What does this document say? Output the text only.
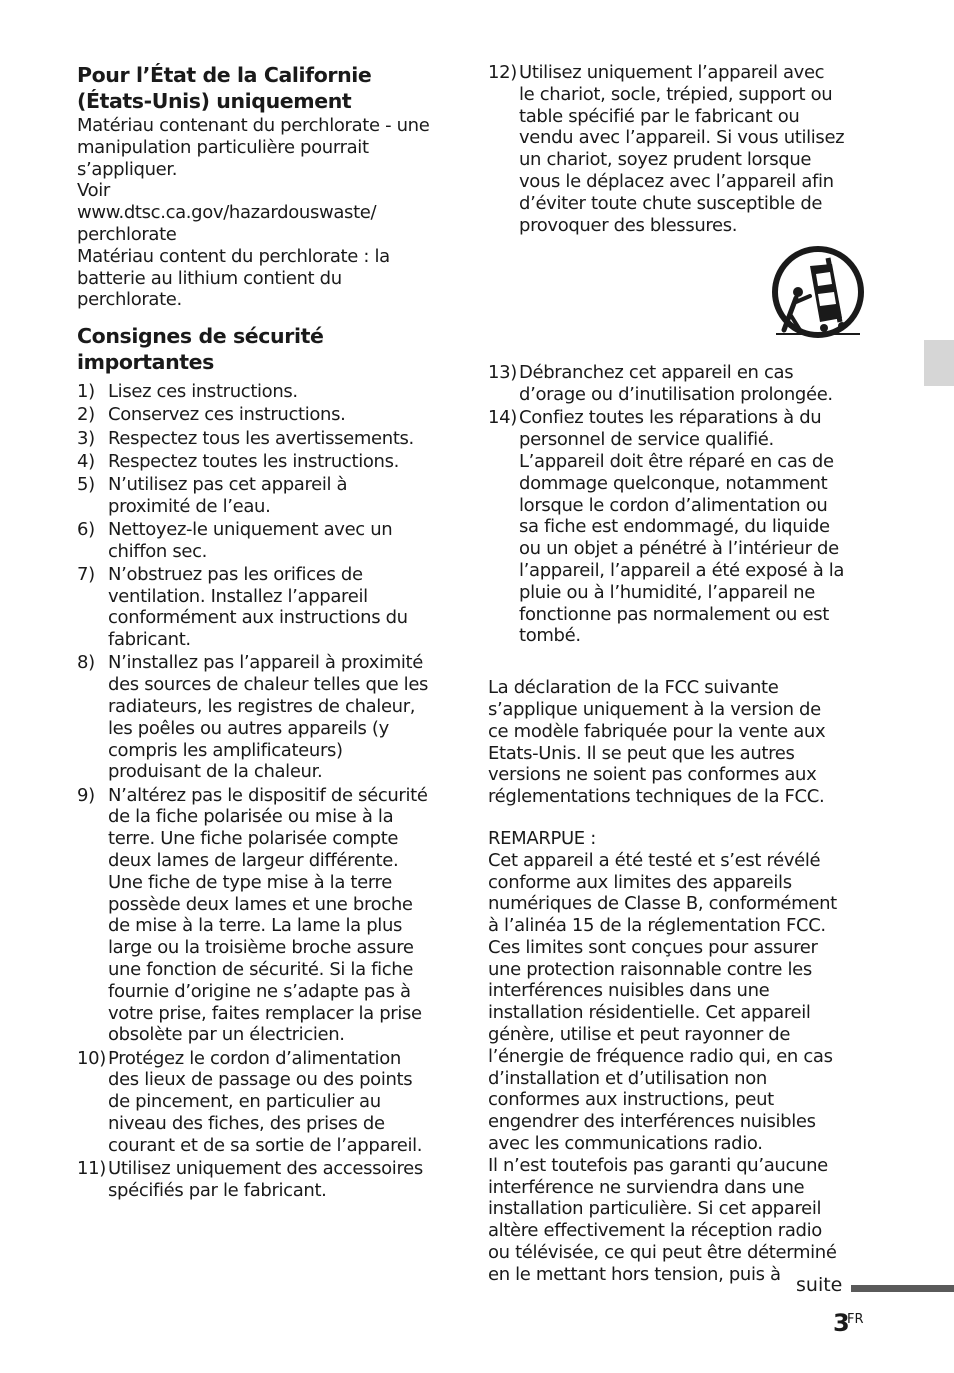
Pour l’État de la Californie
(États-Unis) uniquement

Matériau contenant du perchlorate - une
manipulation particulière pourrait
s’appliquer.
Voir
www.dtsc.ca.gov/hazardouswaste/
perchlorate
Matériau content du perchlorate : la
batterie au lithium contient du
perchlorate.

Consignes de sécurité
importantes
1) Lisez ces instructions.
2) Conservez ces instructions.
3) Respectez tous les avertissements.
4) Respectez toutes les instructions.
5) N’utilisez pas cet appareil à
proximité de l’eau.
6) Nettoyez-le uniquement avec un
chiffon sec.
7) N’obstruez pas les orifices de
ventilation. Installez l’appareil
conformément aux instructions du
fabricant.
8) N’installez pas l’appareil à proximité
des sources de chaleur telles que les
radiateurs, les registres de chaleur,
les poêles ou autres appareils (y
compris les amplificateurs)
produisant de la chaleur.
9) N’altérez pas le dispositif de sécurité
de la fiche polarisée ou mise à la
terre. Une fiche polarisée compte
deux lames de largeur différente.
Une fiche de type mise à la terre
possède deux lames et une broche
de mise à la terre. La lame la plus
large ou la troisième broche assure
une fonction de sécurité. Si la fiche
fournie d’origine ne s’adapte pas à
votre prise, faites remplacer la prise
obsolète par un électricien.
10) Protégez le cordon d’alimentation
des lieux de passage ou des points
de pincement, en particulier au
niveau des fiches, des prises de
courant et de sa sortie de l’appareil.
11) Utilisez uniquement des accessoires
spécifiés par le fabricant.
12) Utilisez uniquement l’appareil avec
le chariot, socle, trépied, support ou
table spécifié par le fabricant ou
vendu avec l’appareil. Si vous utilisez
un chariot, soyez prudent lorsque
vous le déplacez avec l’appareil afin
d’éviter toute chute susceptible de
provoquer des blessures.
13) Débranchez cet appareil en cas
d’orage ou d’inutilisation prolongée.
14) Confiez toutes les réparations à du
personnel de service qualifié.
L’appareil doit être réparé en cas de
dommage quelconque, notamment
lorsque le cordon d’alimentation ou
sa fiche est endommagé, du liquide
ou un objet a pénétré à l’intérieur de
l’appareil, l’appareil a été exposé à la
pluie ou à l’humidité, l’appareil ne
fonctionne pas normalement ou est
tombé.

La déclaration de la FCC suivante
s’applique uniquement à la version de
ce modèle fabriquée pour la vente aux
Etats-Unis. Il se peut que les autres
versions ne soient pas conformes aux
réglementations techniques de la FCC.

REMARPUE :

Cet appareil a été testé et s’est révélé
conforme aux limites des appareils
numériques de Classe B, conformément
à l’alinéa 15 de la réglementation FCC.
Ces limites sont conçues pour assurer
une protection raisonnable contre les
interférences nuisibles dans une
installation résidentielle. Cet appareil
génère, utilise et peut rayonner de
l’énergie de fréquence radio qui, en cas
d’installation et d’utilisation non
conformes aux instructions, peut
engendrer des interférences nuisibles
avec les communications radio.
Il n’est toutefois pas garanti qu’aucune
interférence ne surviendra dans une
installation particulière. Si cet appareil
altère effectivement la réception radio
ou télévisée, ce qui peut être déterminé
en le mettant hors tension, puis à suite
3
FR
